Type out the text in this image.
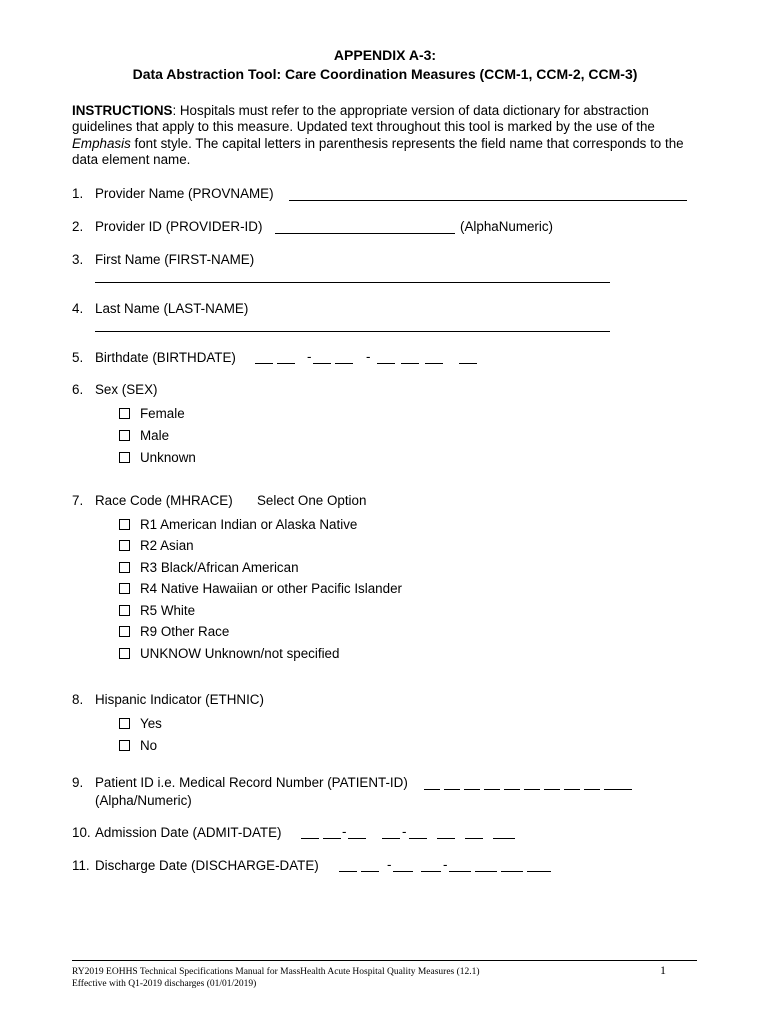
APPENDIX A-3:
Data Abstraction Tool: Care Coordination Measures (CCM-1, CCM-2, CCM-3)
INSTRUCTIONS: Hospitals must refer to the appropriate version of data dictionary for abstraction guidelines that apply to this measure. Updated text throughout this tool is marked by the use of the Emphasis font style. The capital letters in parenthesis represents the field name that corresponds to the data element name.
1. Provider Name (PROVNAME)
2. Provider ID (PROVIDER-ID)	(AlphaNumeric)
3. First Name (FIRST-NAME)
4. Last Name (LAST-NAME)
5. Birthdate (BIRTHDATE)	-	-
6. Sex (SEX)
Female
Male
Unknown
7. Race Code (MHRACE) Select One Option
R1 American Indian or Alaska Native
R2 Asian
R3 Black/African American
R4 Native Hawaiian or other Pacific Islander
R5 White
R9 Other Race
UNKNOW Unknown/not specified
8. Hispanic Indicator (ETHNIC)
Yes
No
9. Patient ID i.e. Medical Record Number (PATIENT-ID)
(Alpha/Numeric)
10. Admission Date (ADMIT-DATE)	-	-
11. Discharge Date (DISCHARGE-DATE)	-	-
RY2019 EOHHS Technical Specifications Manual for MassHealth Acute Hospital Quality Measures (12.1)
Effective with Q1-2019 discharges (01/01/2019)
1
